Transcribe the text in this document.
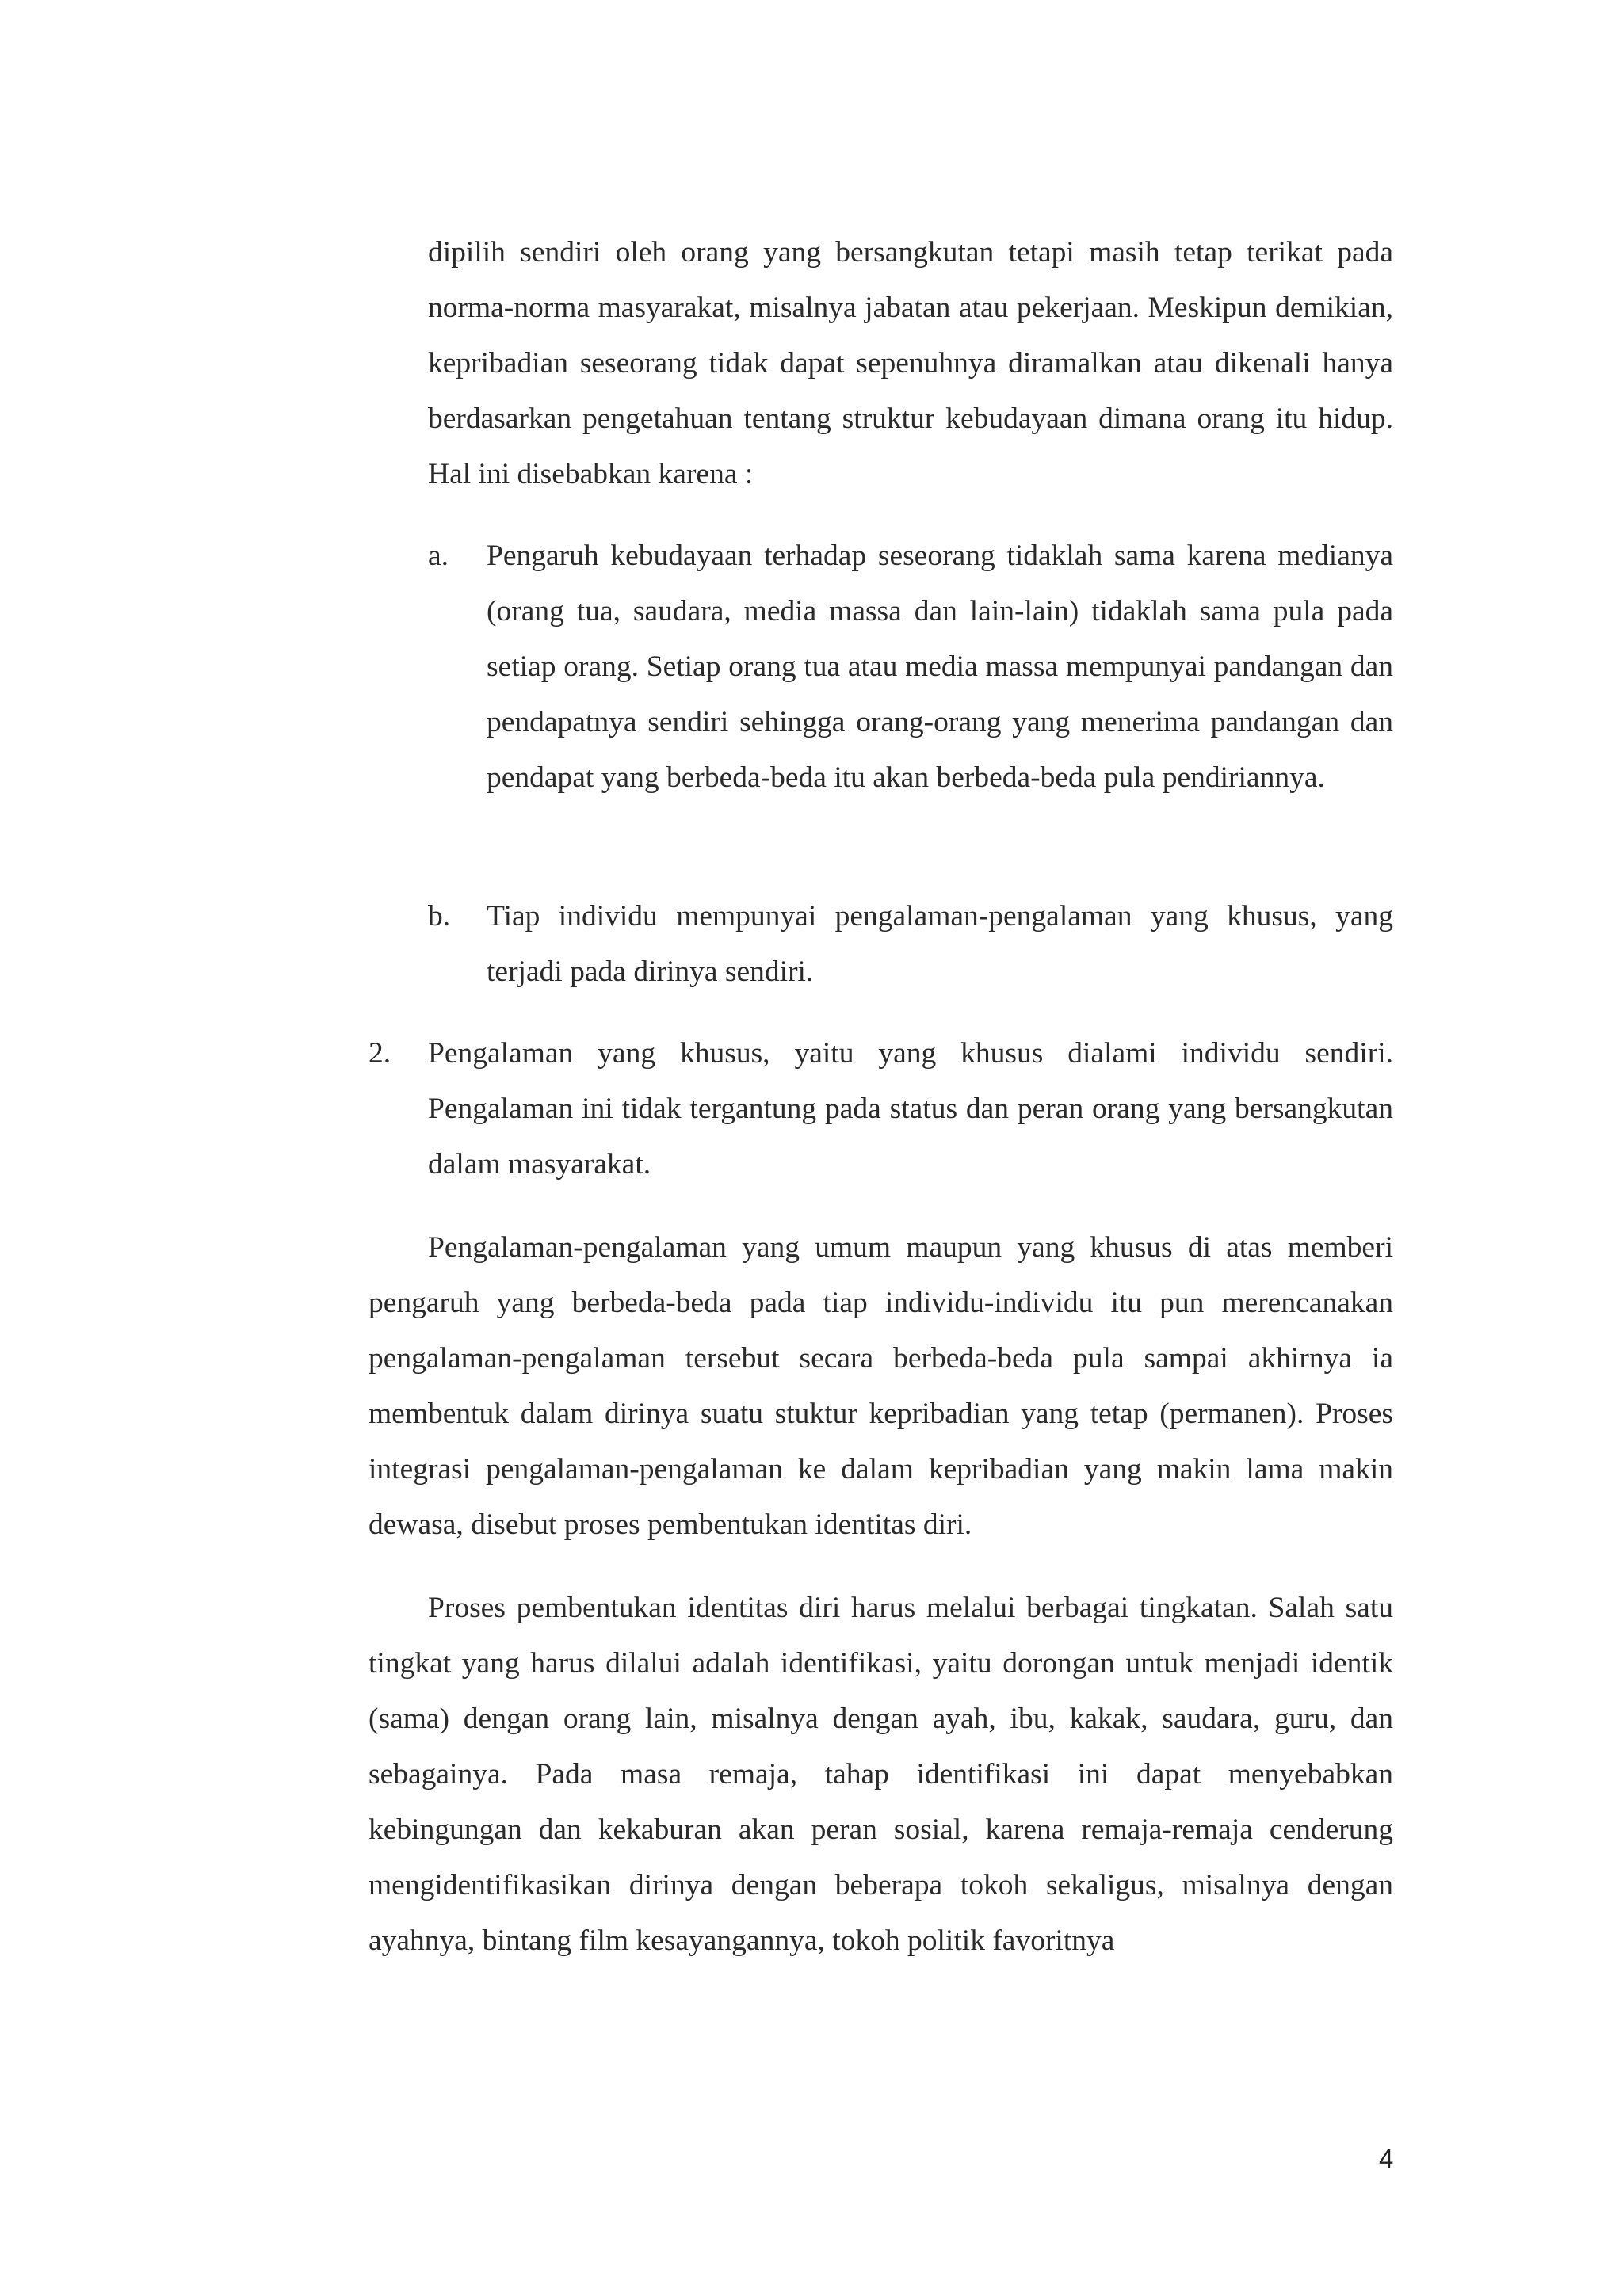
dipilih sendiri oleh orang yang bersangkutan tetapi masih tetap terikat pada norma-norma masyarakat, misalnya jabatan atau pekerjaan. Meskipun demikian, kepribadian seseorang tidak dapat sepenuhnya diramalkan atau dikenali hanya berdasarkan pengetahuan tentang struktur kebudayaan dimana orang itu hidup. Hal ini disebabkan karena :

a.	Pengaruh kebudayaan terhadap seseorang tidaklah sama karena medianya (orang tua, saudara, media massa dan lain-lain) tidaklah sama pula pada setiap orang. Setiap orang tua atau media massa mempunyai pandangan dan pendapatnya sendiri sehingga orang-orang yang menerima pandangan dan pendapat yang berbeda-beda itu akan berbeda-beda pula pendiriannya.

b.	Tiap individu mempunyai pengalaman-pengalaman yang khusus, yang terjadi pada dirinya sendiri.

2.	Pengalaman yang khusus, yaitu yang khusus dialami individu sendiri. Pengalaman ini tidak tergantung pada status dan peran orang yang bersangkutan dalam masyarakat.

Pengalaman-pengalaman yang umum maupun yang khusus di atas memberi pengaruh yang berbeda-beda pada tiap individu-individu itu pun merencanakan pengalaman-pengalaman tersebut secara berbeda-beda pula sampai akhirnya ia membentuk dalam dirinya suatu stuktur kepribadian yang tetap (permanen). Proses integrasi pengalaman-pengalaman ke dalam kepribadian yang makin lama makin dewasa, disebut proses pembentukan identitas diri.

Proses pembentukan identitas diri harus melalui berbagai tingkatan. Salah satu tingkat yang harus dilalui adalah identifikasi, yaitu dorongan untuk menjadi identik (sama) dengan orang lain, misalnya dengan ayah, ibu, kakak, saudara, guru, dan sebagainya. Pada masa remaja, tahap identifikasi ini dapat menyebabkan kebingungan dan kekaburan akan peran sosial, karena remaja-remaja cenderung mengidentifikasikan dirinya dengan beberapa tokoh sekaligus, misalnya dengan ayahnya, bintang film kesayangannya, tokoh politik favoritnya

4
